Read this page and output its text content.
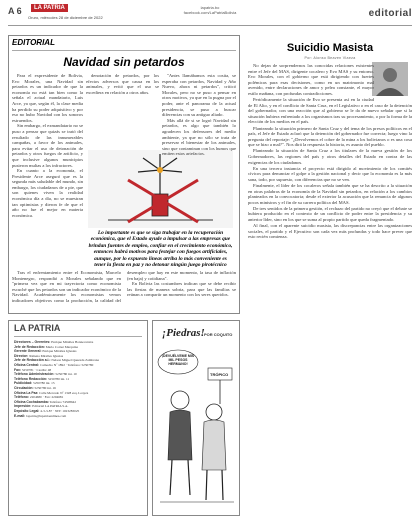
A 6	LA PATRIA
Oruro, miércoles 28 de diciembre de 2022
lapatria.bo
facebook.com/LaPatriaBolivia	editorial
EDITORIAL
Navidad sin petardos

Para el expresidente de Bolivia, Evo Morales, una Navidad sin petardos es un indicador de que la economía no está tan bien como la señala el actual mandatario, Luis Arce, ya que, según él, la clase media ha perdido su poder adquisitivo y por eso no hubo Navidad con los sonoros estruendos.

Sin embargo, el exmandatario no se puso a pensar que quizás se trató del resultado de las innumerables campañas, a favor de los animales, para evitar el uso de detonación de petardos y otros fuegos de artificio, y que inclusive algunos municipios pusieron multas a los infractores.

En cuanto a la economía, el Presidente Arce aseguró que es la segunda más saludable del mundo, sin embargo, los ciudadanos de a pie, que son quienes viven la realidad económica día a día, no se muestran tan optimistas y dieron fe de que el año no fue el mejor en materia económica.

denotación de petardos, por los efectos adversos que causa en los animales, y evitó que el uso se excediera en relación a otros años.

Lo importante es que se siga trabajar en la recuperación económica, que el Estado ayude a impulsar a las empresas que brindan fuentes de empleo, confiar en el crecimiento económico, entonces habrá motivos para festejar con fuegos artificiales, aunque, por lo expuesto líneas arriba lo más conveniente es tener la fiesta en paz y no detonar ningún juego pirotécnico

"Antes llamábamos esta cosita, se esperaba con petardos, Navidad y Año Nuevo, ahora ni petardos", criticó Morales, pero no se puso a pensar en otros motivos, ya que en la pugna por el poder, ante el panorama de la actual presidencia, se puso a buscar diferencias con su antiguo aliado.

Más allá de si se logró Navidad sin petardos, es algo que también lo agradecen los defensores del medio ambiente, ya que no sólo se trata de preservar el bienestar de los animales, sino que contaminan con los humos que emiten estos artefactos.

Tras el enfrentamiento entre el Economista, Marcelo Montenegro, respondió a Morales señalando que en "primera vez que en mi trayectoria como economista escuché que los petardos son un indicador económico de la Navidad. Académicamente los economistas vemos indicadores objetivos como la producción, la calidad del desempleo que hay en este momento, la tasa de inflación (en baja) y cotidiana".

En Bolivia las costumbres indican que se debe recibir las fiestas de manera sobria, para que las familias se reúnan a compartir un momento con los seres queridos.

Suicidio Masista
Por: Alonso Beaven Vlaeza

No dejan de sorprendernos las conocidas relaciones existentes entre el Jefe del MAS, dirigente cocalero y Evo MAS y su entorno. Evo Morales, con el gobierno que está dirigiendo con fuertes polémicas para esas decisiones, como en un matrimonio mal avenido, entre declaraciones de amor y pelea constante, el mayor estilo mañana, con profundas contradicciones.

Periódicamente la situación de Evo se presenta así en la ciudad de El Alto, y en el conflicto de Santa Cruz, en el Legislativo o en el caso de la detención del gobernador, con una reacción que al gobierno se le da de nuevo señalar que si la situación hubiera enfrentado a los organismos tras su procesamiento, o por la forma de la elección de los medios en el país.

Planteando la situación primero de Santa Cruz y del tema de los presos políticos en el país, el Jefe de Estado aclaró que la detención del gobernador fue correcta; luego vino la pregunta del reportaje: "¿Devolvemos el cobre de la mina a los bolivianos o es una cosa que se hizo a mal?". Nos dirá la respuesta la historia, es asunto del pueblo.

Planteando la situación de Santa Cruz a los titulares de la nueva gestión de los Gobernadores, las regiones del país y otros detalles del Estado en contra de las exigencias de los ciudadanos.

En una tercera instancia el proyecto está dirigido al movimiento de los comités cívicos para denunciar el golpe a la gestión nacional y decir que la economía es la más sana, todo, por supuesto, con diferencias que no se ven.

Finalmente, el líder de los cocaleros señala también que se ha descrito a la situación en otras palabras de la economía de la Navidad sin petardos, en relación a los cambios planteados en la convocatoria; desde el exterior la acusación que la renuncia de algunos pocos ministros y el fin de su carrera política del MAS.

De tres sentidos de la primera gestión, el rechazo del partido no creyó que el debate se hubiera producido en el contexto de un conflicto de poder entre la presidencia y su anterior líder, sino en los que se suma al propio partido que queda fragmentado.

Al final, con el aparente suicidio masista, las discrepancias entre las organizaciones sociales, el partido y el Ejecutivo son cada vez más profundas y todo hace prever que esto recién comienza.

LA PATRIA
Directores – Gerentes: Enrique Miralles Bonnecarrère
Jefe de Redacción: Mario Cortez Marquina
Gerente General: Enrique Miralles Iglesias
Director: Ximena Miralles Iglesias
Jefe de Redacción a.i.: Nelson Miguel Quezada Zambrana
Oficina Central: Camacho Nº 1892 · Teléfono: 5250780
Fax: 5250781 · Casilla: 48
Teléfono Administración: 5250780 int. 10
Teléfono Redacción: 5250780 int. 11
Publicidad: 5250780 int. 15
Circulación: 5250780 int. 16
Oficina La Paz: Calle Mercado Nº 1328 esq. Loayza
Teléfono: 2204680 · Fax: 2204681
Oficina Cochabamba: Teléfono 74508642
Impresión: Editorial LA PATRIA S.A.
Depósito Legal: 4-3-3-87 · NIT: 1023283025
E-mail: lapatria@lapatriaenlinea.com
¡Piedras! POR COQUITO
¡DEVUÉLVEME MIS MIL PESOS HERMANO!
TRÓPICO
